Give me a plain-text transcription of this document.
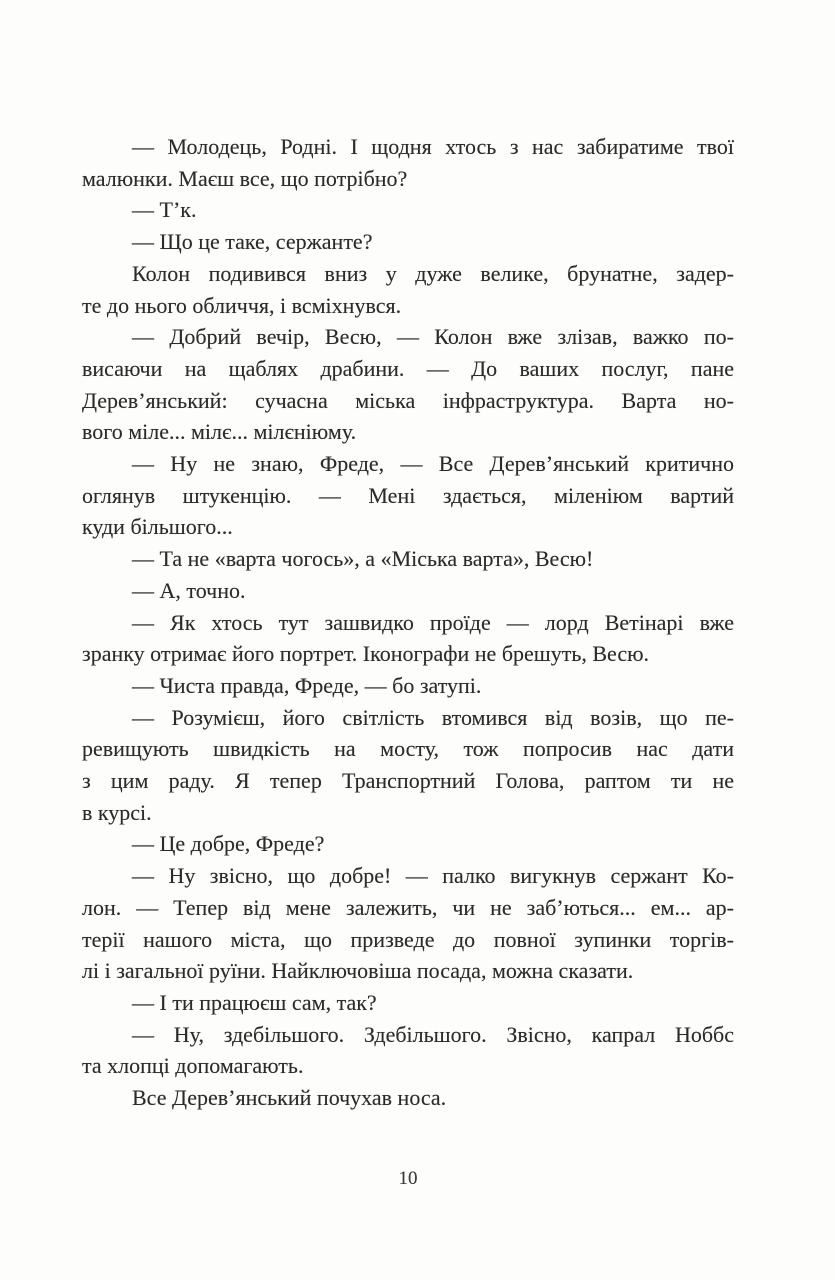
— Молодець, Родні. І щодня хтось з нас забиратиме твої
малюнки. Маєш все, що потрібно?

— Т’к.

— Що це таке, сержанте?

Колон подивився вниз у дуже велике, брунатне, задер-
те до нього обличчя, і всміхнувся.

— Добрий вечір, Весю, — Колон вже злізав, важко по-
висаючи на щаблях драбини. — До ваших послуг, пане
Дерев’янський: сучасна міська інфраструктура. Варта но-
вого міле... мілє... мілєніюму.

— Ну не знаю, Фреде, — Все Дерев’янський критично
оглянув штукенцію. — Мені здається, міленіюм вартий
куди більшого...

— Та не «варта чогось», а «Міська варта», Весю!

— А, точно.

— Як хтось тут зашвидко проїде — лорд Ветінарі вже
зранку отримає його портрет. Іконографи не брешуть, Весю.

— Чиста правда, Фреде, — бо затупі.

— Розумієш, його світлість втомився від возів, що пе-
ревищують швидкість на мосту, тож попросив нас дати
з цим раду. Я тепер Транспортний Голова, раптом ти не
в курсі.

— Це добре, Фреде?

— Ну звісно, що добре! — палко вигукнув сержант Ко-
лон. — Тепер від мене залежить, чи не заб’ються... ем... ар-
терії нашого міста, що призведе до повної зупинки торгів-
лі і загальної руїни. Найключовіша посада, можна сказати.

— І ти працюєш сам, так?

— Ну, здебільшого. Здебільшого. Звісно, капрал Ноббс
та хлопці допомагають.

Все Дерев’янський почухав носа.

10
